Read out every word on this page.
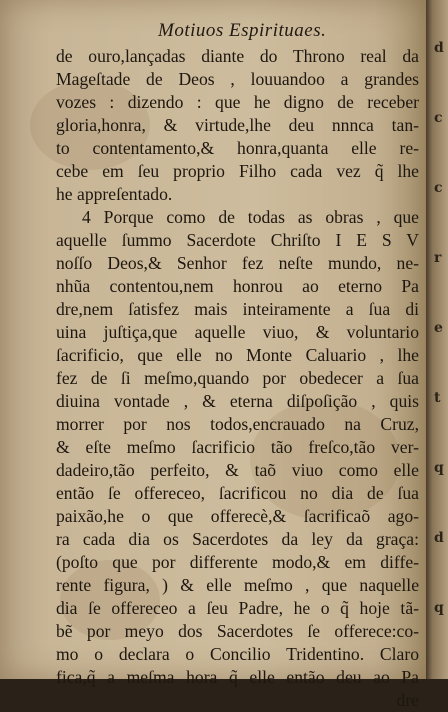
Motiuos Espirituaes.
de ouro,lançadas diante do Throno real da
Mageſtade de Deos , louuandoo a grandes
vozes : dizendo : que he digno de receber
gloria,honra, & virtude,lhe deu nnnca tan-
to contentamento,& honra,quanta elle re-
cebe em ſeu proprio Filho cada vez q̃ lhe
he appreſentado.
4 Porque como de todas as obras , que
aquelle ſummo Sacerdote Chriſto I E S V
noſſo Deos,& Senhor fez neſte mundo, ne-
nhũa contentou,nem honrou ao eterno Pa
dre,nem ſatisfez mais inteiramente a ſua di
uina juſtiça,que aquelle viuo, & voluntario
ſacrificio, que elle no Monte Caluario , lhe
fez de ſi meſmo,quando por obedecer a ſua
diuina vontade , & eterna diſpoſição , quis
morrer por nos todos,encrauado na Cruz,
& eſte meſmo ſacrificio tão freſco,tão ver-
dadeiro,tão perfeito, & taõ viuo como elle
então ſe offereceo, ſacrificou no dia de ſua
paixão,he o que offerecè,& ſacrificaõ ago-
ra cada dia os Sacerdotes da ley da graça:
(poſto que por differente modo,& em diffe-
rente figura, ) & elle meſmo , que naquelle
dia ſe offereceo a ſeu Padre, he o q̃ hoje tã-
bẽ por meyo dos Sacerdotes ſe offerece:co-
mo o declara o Concilio Tridentino. Claro
fica,q̃ a meſma hora q̃ elle então deu ao Pa
dre
d
c
c
r
e
t
q
d
q
